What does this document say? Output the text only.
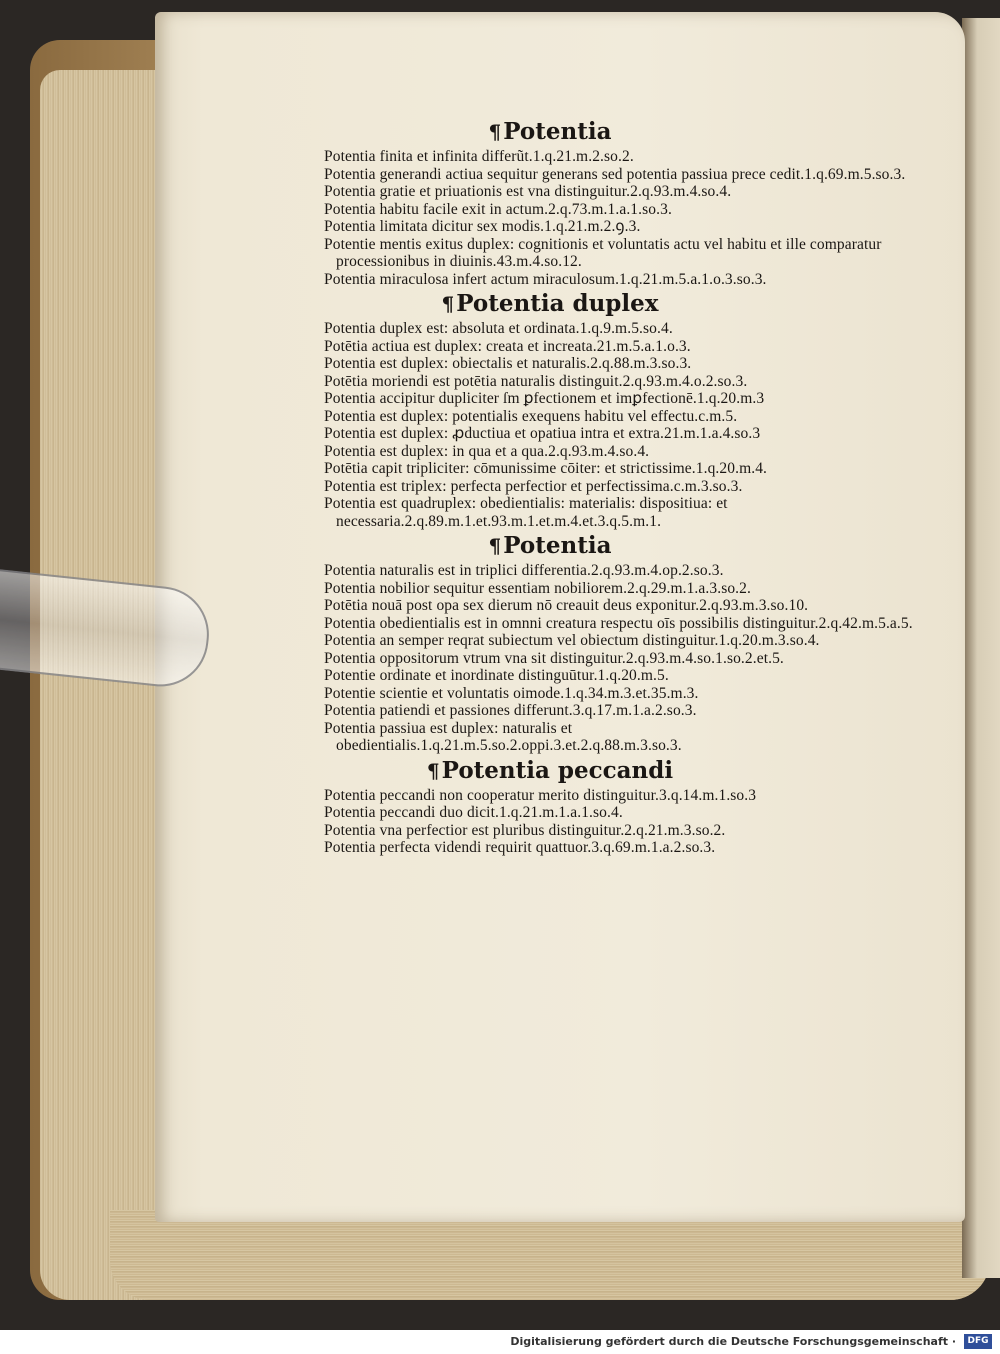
¶Potentia

Potentia finita et infinita differũt.1.q.21.m.2.so.2.

Potentia generandi actiua sequitur generans sed potentia passiua prece cedit.1.q.69.m.5.so.3.

Potentia gratie et priuationis est vna distinguitur.2.q.93.m.4.so.4.

Potentia habitu facile exit in actum.2.q.73.m.1.a.1.so.3.

Potentia limitata dicitur sex modis.1.q.21.m.2.ꝯ.3.

Potentie mentis exitus duplex: cognitionis et voluntatis actu vel habitu et ille comparatur processionibus in diuinis.43.m.4.so.12.

Potentia miraculosa infert actum miraculosum.1.q.21.m.5.a.1.o.3.so.3.

¶Potentia duplex

Potentia duplex est: absoluta et ordinata.1.q.9.m.5.so.4.

Potētia actiua est duplex: creata et increata.21.m.5.a.1.o.3.

Potentia est duplex: obiectalis et naturalis.2.q.88.m.3.so.3.

Potētia moriendi est potētia naturalis distinguit.2.q.93.m.4.o.2.so.3.

Potentia accipitur dupliciter ſm ꝑfectionem et imꝑfectionē.1.q.20.m.3

Potentia est duplex: potentialis exequens habitu vel effectu.c.m.5.

Potentia est duplex: ꝓductiua et opatiua intra et extra.21.m.1.a.4.so.3

Potentia est duplex: in qua et a qua.2.q.93.m.4.so.4.

Potētia capit tripliciter: cōmunissime cōiter: et strictissime.1.q.20.m.4.

Potentia est triplex: perfecta perfectior et perfectissima.c.m.3.so.3.

Potentia est quadruplex: obedientialis: materialis: dispositiua: et necessaria.2.q.89.m.1.et.93.m.1.et.m.4.et.3.q.5.m.1.

¶Potentia

Potentia naturalis est in triplici differentia.2.q.93.m.4.op.2.so.3.

Potentia nobilior sequitur essentiam nobiliorem.2.q.29.m.1.a.3.so.2.

Potētia nouā post opa sex dierum nō creauit deus exponitur.2.q.93.m.3.so.10.

Potentia obedientialis est in omnni creatura respectu oīs possibilis distinguitur.2.q.42.m.5.a.5.

Potentia an semper reqrat subiectum vel obiectum distinguitur.1.q.20.m.3.so.4.

Potentia oppositorum vtrum vna sit distinguitur.2.q.93.m.4.so.1.so.2.et.5.

Potentie ordinate et inordinate distinguūtur.1.q.20.m.5.

Potentie scientie et voluntatis oimode.1.q.34.m.3.et.35.m.3.

Potentia patiendi et passiones differunt.3.q.17.m.1.a.2.so.3.

Potentia passiua est duplex: naturalis et obedientialis.1.q.21.m.5.so.2.oppi.3.et.2.q.88.m.3.so.3.

¶Potentia peccandi

Potentia peccandi non cooperatur merito distinguitur.3.q.14.m.1.so.3

Potentia peccandi duo dicit.1.q.21.m.1.a.1.so.4.

Potentia vna perfectior est pluribus distinguitur.2.q.21.m.3.so.2.

Potentia perfecta videndi requirit quattuor.3.q.69.m.1.a.2.so.3.

Digitalisierung gefördert durch die Deutsche Forschungsgemeinschaft ·	DFG
